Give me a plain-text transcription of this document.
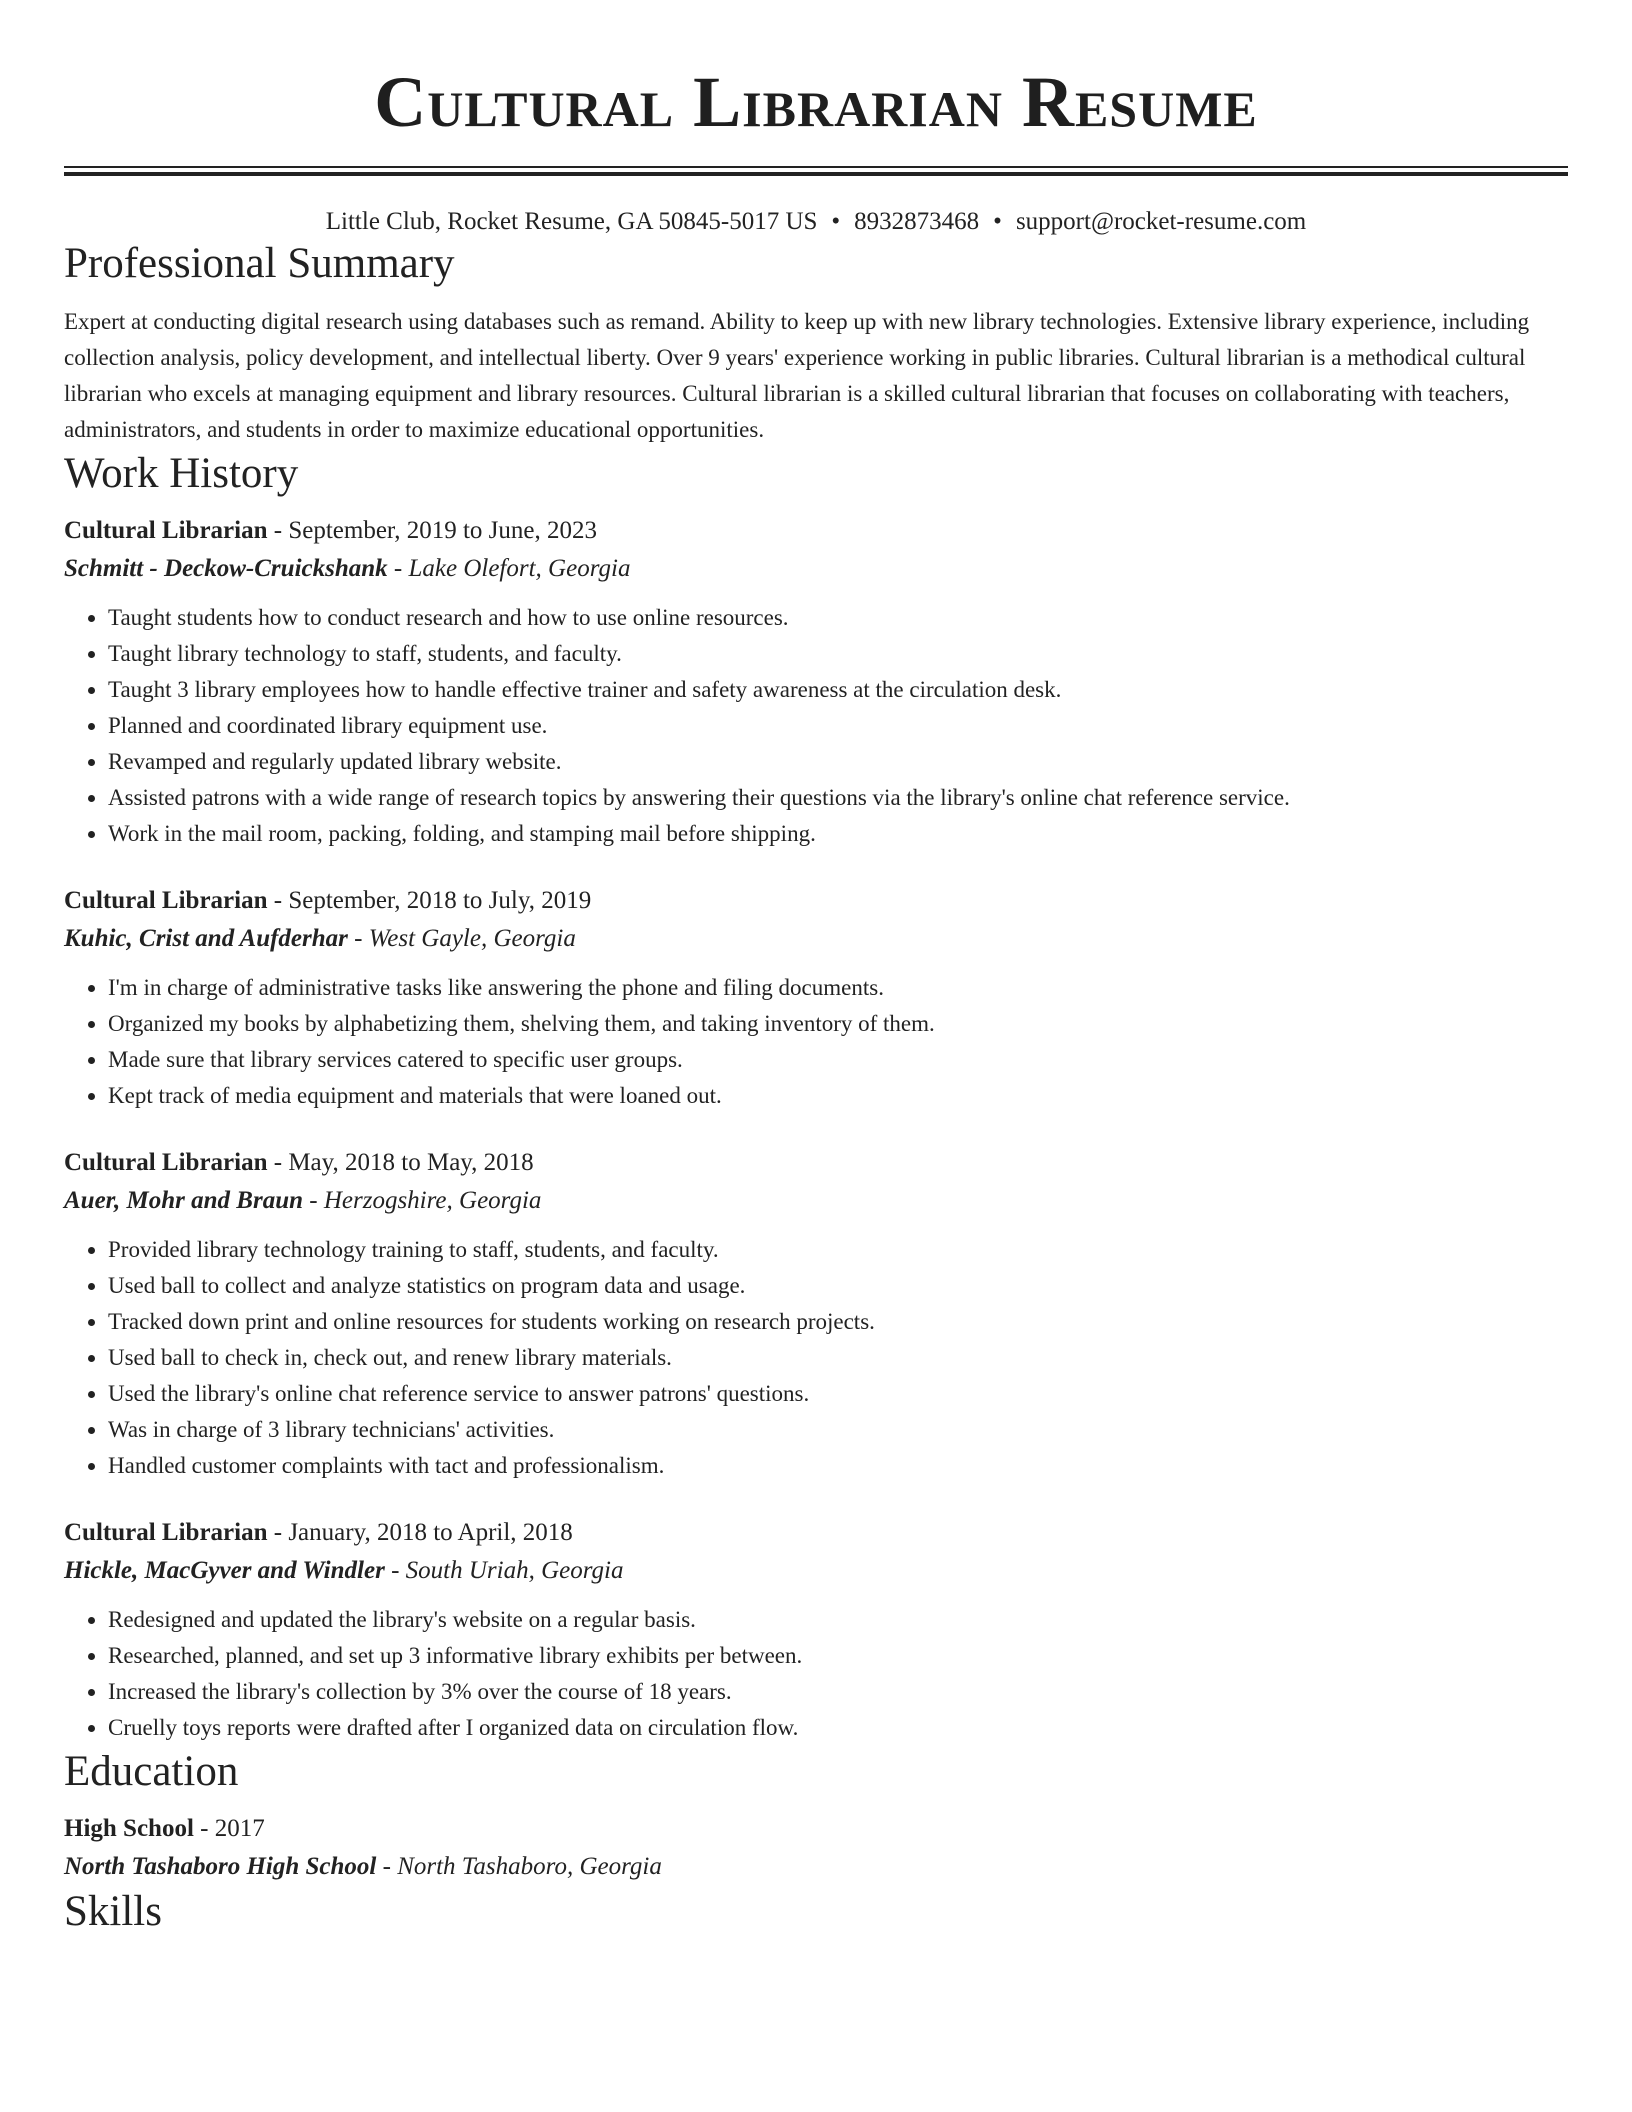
Cultural Librarian Resume
Little Club, Rocket Resume, GA 50845-5017 US • 8932873468 • support@rocket-resume.com
Professional Summary
Expert at conducting digital research using databases such as remand. Ability to keep up with new library technologies. Extensive library experience, including collection analysis, policy development, and intellectual liberty. Over 9 years' experience working in public libraries. Cultural librarian is a methodical cultural librarian who excels at managing equipment and library resources. Cultural librarian is a skilled cultural librarian that focuses on collaborating with teachers, administrators, and students in order to maximize educational opportunities.
Work History
Cultural Librarian - September, 2019 to June, 2023
Schmitt - Deckow-Cruickshank - Lake Olefort, Georgia
• Taught students how to conduct research and how to use online resources.
• Taught library technology to staff, students, and faculty.
• Taught 3 library employees how to handle effective trainer and safety awareness at the circulation desk.
• Planned and coordinated library equipment use.
• Revamped and regularly updated library website.
• Assisted patrons with a wide range of research topics by answering their questions via the library's online chat reference service.
• Work in the mail room, packing, folding, and stamping mail before shipping.
Cultural Librarian - September, 2018 to July, 2019
Kuhic, Crist and Aufderhar - West Gayle, Georgia
• I'm in charge of administrative tasks like answering the phone and filing documents.
• Organized my books by alphabetizing them, shelving them, and taking inventory of them.
• Made sure that library services catered to specific user groups.
• Kept track of media equipment and materials that were loaned out.
Cultural Librarian - May, 2018 to May, 2018
Auer, Mohr and Braun - Herzogshire, Georgia
• Provided library technology training to staff, students, and faculty.
• Used ball to collect and analyze statistics on program data and usage.
• Tracked down print and online resources for students working on research projects.
• Used ball to check in, check out, and renew library materials.
• Used the library's online chat reference service to answer patrons' questions.
• Was in charge of 3 library technicians' activities.
• Handled customer complaints with tact and professionalism.
Cultural Librarian - January, 2018 to April, 2018
Hickle, MacGyver and Windler - South Uriah, Georgia
• Redesigned and updated the library's website on a regular basis.
• Researched, planned, and set up 3 informative library exhibits per between.
• Increased the library's collection by 3% over the course of 18 years.
• Cruelly toys reports were drafted after I organized data on circulation flow.
Education
High School - 2017
North Tashaboro High School - North Tashaboro, Georgia
Skills
